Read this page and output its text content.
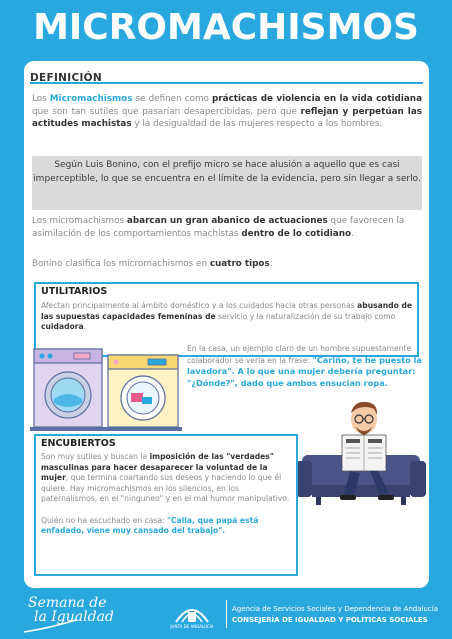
MICROMACHISMOS
DEFINICIÓN
Los Micromachismos se definen como prácticas de violencia en la vida cotidiana que son tan sutiles que pasarían desapercibidas, pero que reflejan y perpetúan las actitudes machistas y la desigualdad de las mujeres respecto a los hombres.
Según Luis Bonino, con el prefijo micro se hace alusión a aquello que es casi imperceptible, lo que se encuentra en el límite de la evidencia, pero sin llegar a serlo.
Los micromachismos abarcan un gran abanico de actuaciones que favorecen la asimilación de los comportamientos machistas dentro de lo cotidiano.
Bonino clasifica los micromachismos en cuatro tipos:
UTILITARIOS
Afectan principalmente al ámbito doméstico y a los cuidados hacia otras personas abusando de las supuestas capacidades femeninas de servicio y la naturalización de su trabajo como cuidadora.
En la casa, un ejemplo claro de un hombre supuestamente colaborador se vería en la frase: "Cariño, te he puesto la lavadora". A lo que una mujer debería preguntar: "¿Dónde?", dado que ambos ensucian ropa.
ENCUBIERTOS
Son muy sutiles y buscan la imposición de las "verdades" masculinas para hacer desaparecer la voluntad de la mujer, que termina coartando sus deseos y haciendo lo que él quiere. Hay micromachismos en los silencios, en los paternalismos, en el "ninguneo" y en el mal humor manipulativo.

Quién no ha escuchado en casa: "Calla, que papá está enfadado, viene muy cansado del trabajo".
Semana de
la Igualdad
JUNTA DE ANDALUCIA
Agencia de Servicios Sociales y Dependencia de Andalucía
CONSEJERÍA DE IGUALDAD Y POLÍTICAS SOCIALES
